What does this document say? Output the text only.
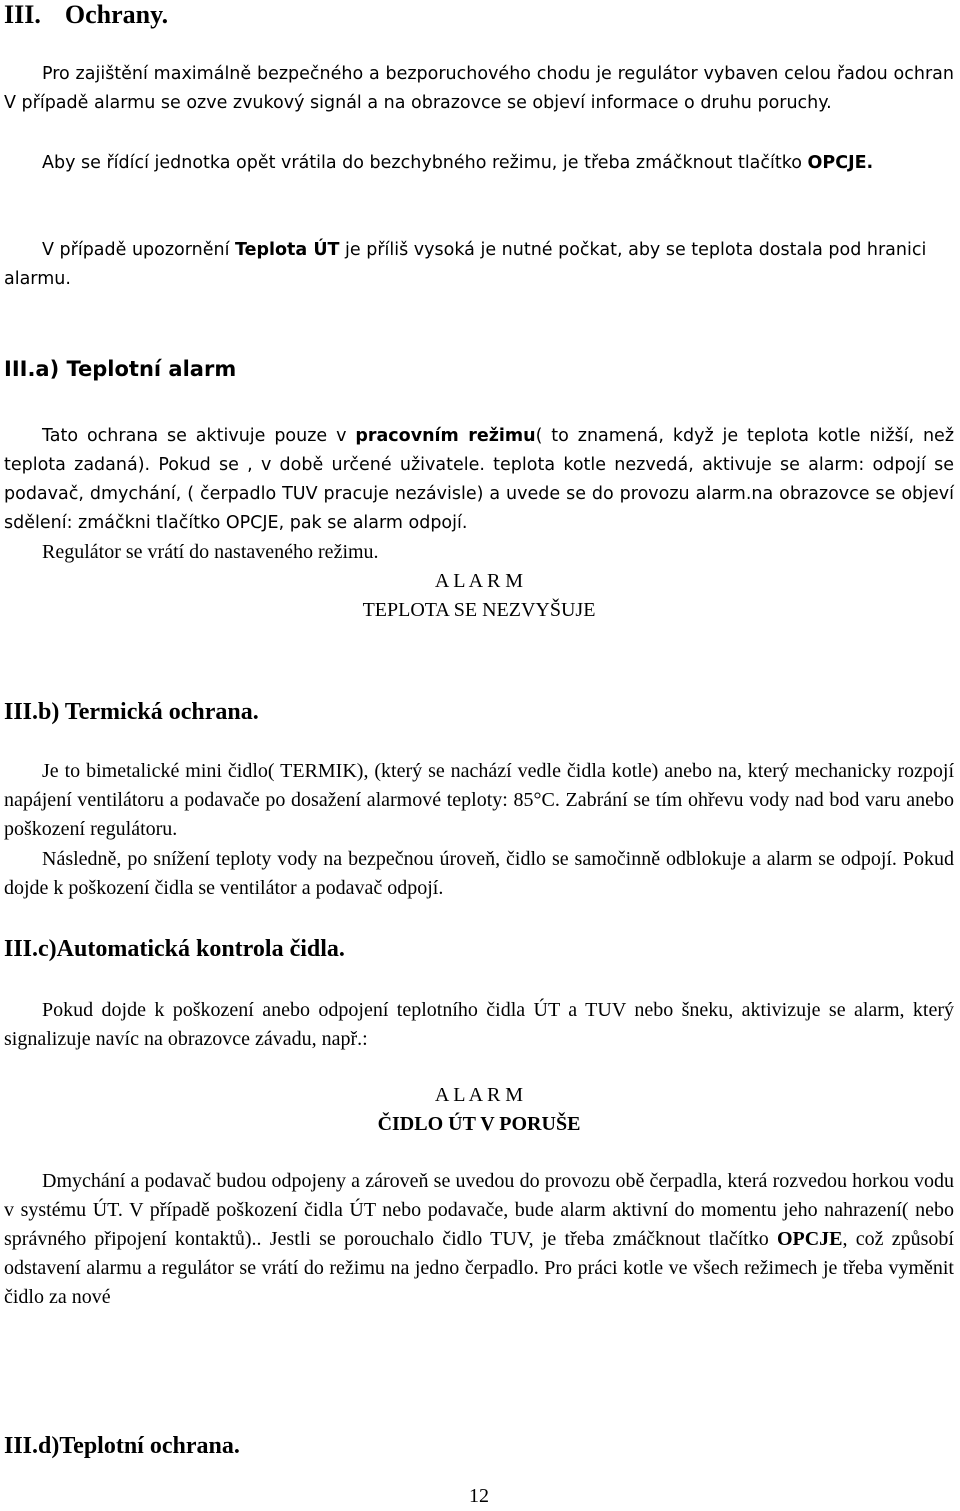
III. Ochrany.

Pro zajištění maximálně bezpečného a bezporuchového chodu je regulátor vybaven celou řadou ochran V případě alarmu se ozve zvukový signál a na obrazovce se objeví informace o druhu poruchy.

Aby se řídící jednotka opět vrátila do bezchybného režimu, je třeba zmáčknout tlačítko OPCJE.

V případě upozornění Teplota ÚT je příliš vysoká je nutné počkat, aby se teplota dostala pod hranici alarmu.

III.a) Teplotní alarm

Tato ochrana se aktivuje pouze v pracovním režimu( to znamená, když je teplota kotle nižší, než teplota zadaná). Pokud se , v době určené uživatele. teplota kotle nezvedá, aktivuje se alarm: odpojí se podavač, dmychání, ( čerpadlo TUV pracuje nezávisle) a uvede se do provozu alarm.na obrazovce se objeví sdělení: zmáčkni tlačítko OPCJE, pak se alarm odpojí.

Regulátor se vrátí do nastaveného režimu.

A L A R M
TEPLOTA SE NEZVYŠUJE
III.b) Termická ochrana.

Je to bimetalické mini čidlo( TERMIK), (který se nachází vedle čidla kotle) anebo na, který mechanicky rozpojí napájení ventilátoru a podavače po dosažení alarmové teploty: 85°C. Zabrání se tím ohřevu vody nad bod varu anebo poškození regulátoru.

Následně, po snížení teploty vody na bezpečnou úroveň, čidlo se samočinně odblokuje a alarm se odpojí. Pokud dojde k poškození čidla se ventilátor a podavač odpojí.

III.c)Automatická kontrola čidla.

Pokud dojde k poškození anebo odpojení teplotního čidla ÚT a TUV nebo šneku, aktivizuje se alarm, který signalizuje navíc na obrazovce závadu, např.:

A L A R M
ČIDLO ÚT V PORUŠE

Dmychání a podavač budou odpojeny a zároveň se uvedou do provozu obě čerpadla, která rozvedou horkou vodu v systému ÚT. V případě poškození čidla ÚT nebo podavače, bude alarm aktivní do momentu jeho nahrazení( nebo správného připojení kontaktů).. Jestli se porouchalo čidlo TUV, je třeba zmáčknout tlačítko OPCJE, což způsobí odstavení alarmu a regulátor se vrátí do režimu na jedno čerpadlo. Pro práci kotle ve všech režimech je třeba vyměnit čidlo za nové

III.d)Teplotní ochrana.
12
